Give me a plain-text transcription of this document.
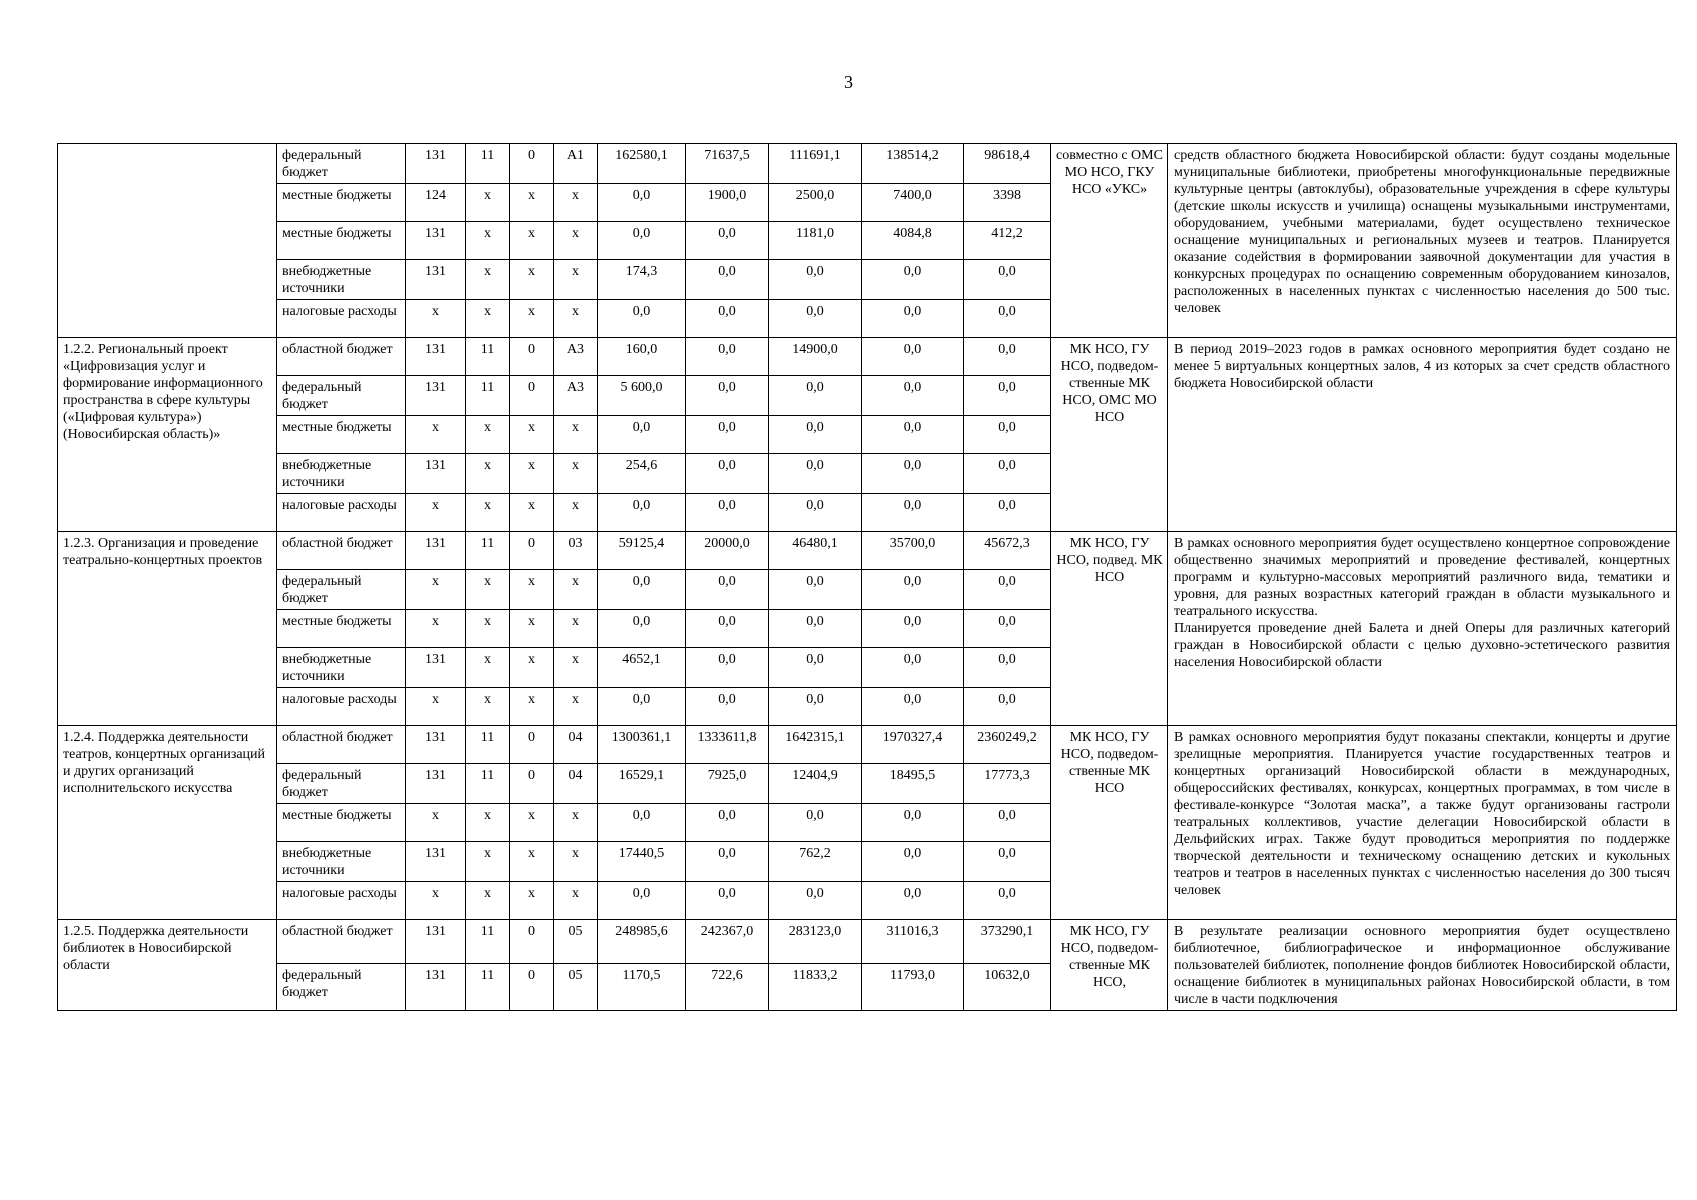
3
	федеральный бюджет	131	11	0	А1	162580,1	71637,5	111691,1	138514,2	98618,4	совместно с ОМС МО НСО, ГКУ НСО «УКС»	средств областного бюджета Новосибирской области: будут созданы модельные муниципальные библиотеки, приобретены многофункциональные передвижные культурные центры (автоклубы), образовательные учреждения в сфере культуры (детские школы искусств и училища) оснащены музыкальными инструментами, оборудованием, учебными материалами, будет осуществлено техническое оснащение муниципальных и региональных музеев и театров. Планируется оказание содействия в формировании заявочной документации для участия в конкурсных процедурах по оснащению современным оборудованием кинозалов, расположенных в населенных пунктах с численностью населения до 500 тыс. человек

	местные бюджеты	124	x	x	x	0,0	1900,0	2500,0	7400,0	3398		
	местные бюджеты	131	x	x	x	0,0	0,0	1181,0	4084,8	412,2		
	внебюджетные источники	131	x	x	x	174,3	0,0	0,0	0,0	0,0		
	налоговые расходы	x	x	x	x	0,0	0,0	0,0	0,0	0,0		
1.2.2. Региональный проект «Цифровизация услуг и формирование информационного пространства в сфере культуры («Цифровая культура») (Новосибирская область)»	областной бюджет	131	11	0	А3	160,0	0,0	14900,0	0,0	0,0	МК НСО, ГУ НСО, подведом-ственные МК НСО, ОМС МО НСО	В период 2019–2023 годов в рамках основного мероприятия будет создано не менее 5 виртуальных концертных залов, 4 из которых за счет средств областного бюджета Новосибирской области

	федеральный бюджет	131	11	0	А3	5 600,0	0,0	0,0	0,0	0,0		
	местные бюджеты	x	x	x	x	0,0	0,0	0,0	0,0	0,0		
	внебюджетные источники	131	x	x	x	254,6	0,0	0,0	0,0	0,0		
	налоговые расходы	x	x	x	x	0,0	0,0	0,0	0,0	0,0		
1.2.3. Организация и проведение театрально-концертных проектов	областной бюджет	131	11	0	03	59125,4	20000,0	46480,1	35700,0	45672,3	МК НСО, ГУ НСО, подвед. МК НСО	В рамках основного мероприятия будет осуществлено концертное сопровождение общественно значимых мероприятий и проведение фестивалей, концертных программ и культурно-массовых мероприятий различного вида, тематики и уровня, для разных возрастных категорий граждан в области музыкального и театрального искусства.
Планируется проведение дней Балета и дней Оперы для различных категорий граждан в Новосибирской области с целью духовно-эстетического развития населения Новосибирской области

	федеральный бюджет	x	x	x	x	0,0	0,0	0,0	0,0	0,0		
	местные бюджеты	x	x	x	x	0,0	0,0	0,0	0,0	0,0		
	внебюджетные источники	131	x	x	x	4652,1	0,0	0,0	0,0	0,0		
	налоговые расходы	x	x	x	x	0,0	0,0	0,0	0,0	0,0		
1.2.4. Поддержка деятельности театров, концертных организаций и других организаций исполнительского искусства	областной бюджет	131	11	0	04	1300361,1	1333611,8	1642315,1	1970327,4	2360249,2	МК НСО, ГУ НСО, подведом-ственные МК НСО	В рамках основного мероприятия будут показаны спектакли, концерты и другие зрелищные мероприятия. Планируется участие государственных театров и концертных организаций Новосибирской области в международных, общероссийских фестивалях, конкурсах, концертных программах, в том числе в фестивале-конкурсе “Золотая маска”, а также будут организованы гастроли театральных коллективов, участие делегации Новосибирской области в Дельфийских играх. Также будут проводиться мероприятия по поддержке творческой деятельности и техническому оснащению детских и кукольных театров и театров в населенных пунктах с численностью населения до 300 тысяч человек

	федеральный бюджет	131	11	0	04	16529,1	7925,0	12404,9	18495,5	17773,3		
	местные бюджеты	x	x	x	x	0,0	0,0	0,0	0,0	0,0		
	внебюджетные источники	131	x	x	x	17440,5	0,0	762,2	0,0	0,0		
	налоговые расходы	x	x	x	x	0,0	0,0	0,0	0,0	0,0		
1.2.5. Поддержка деятельности библиотек в Новосибирской области	областной бюджет	131	11	0	05	248985,6	242367,0	283123,0	311016,3	373290,1	МК НСО, ГУ НСО, подведом-ственные МК НСО,	В результате реализации основного мероприятия будет осуществлено библиотечное, библиографическое и информационное обслуживание пользователей библиотек, пополнение фондов библиотек Новосибирской области, оснащение библиотек в муниципальных районах Новосибирской области, в том числе в части подключения

	федеральный бюджет	131	11	0	05	1170,5	722,6	11833,2	11793,0	10632,0		
